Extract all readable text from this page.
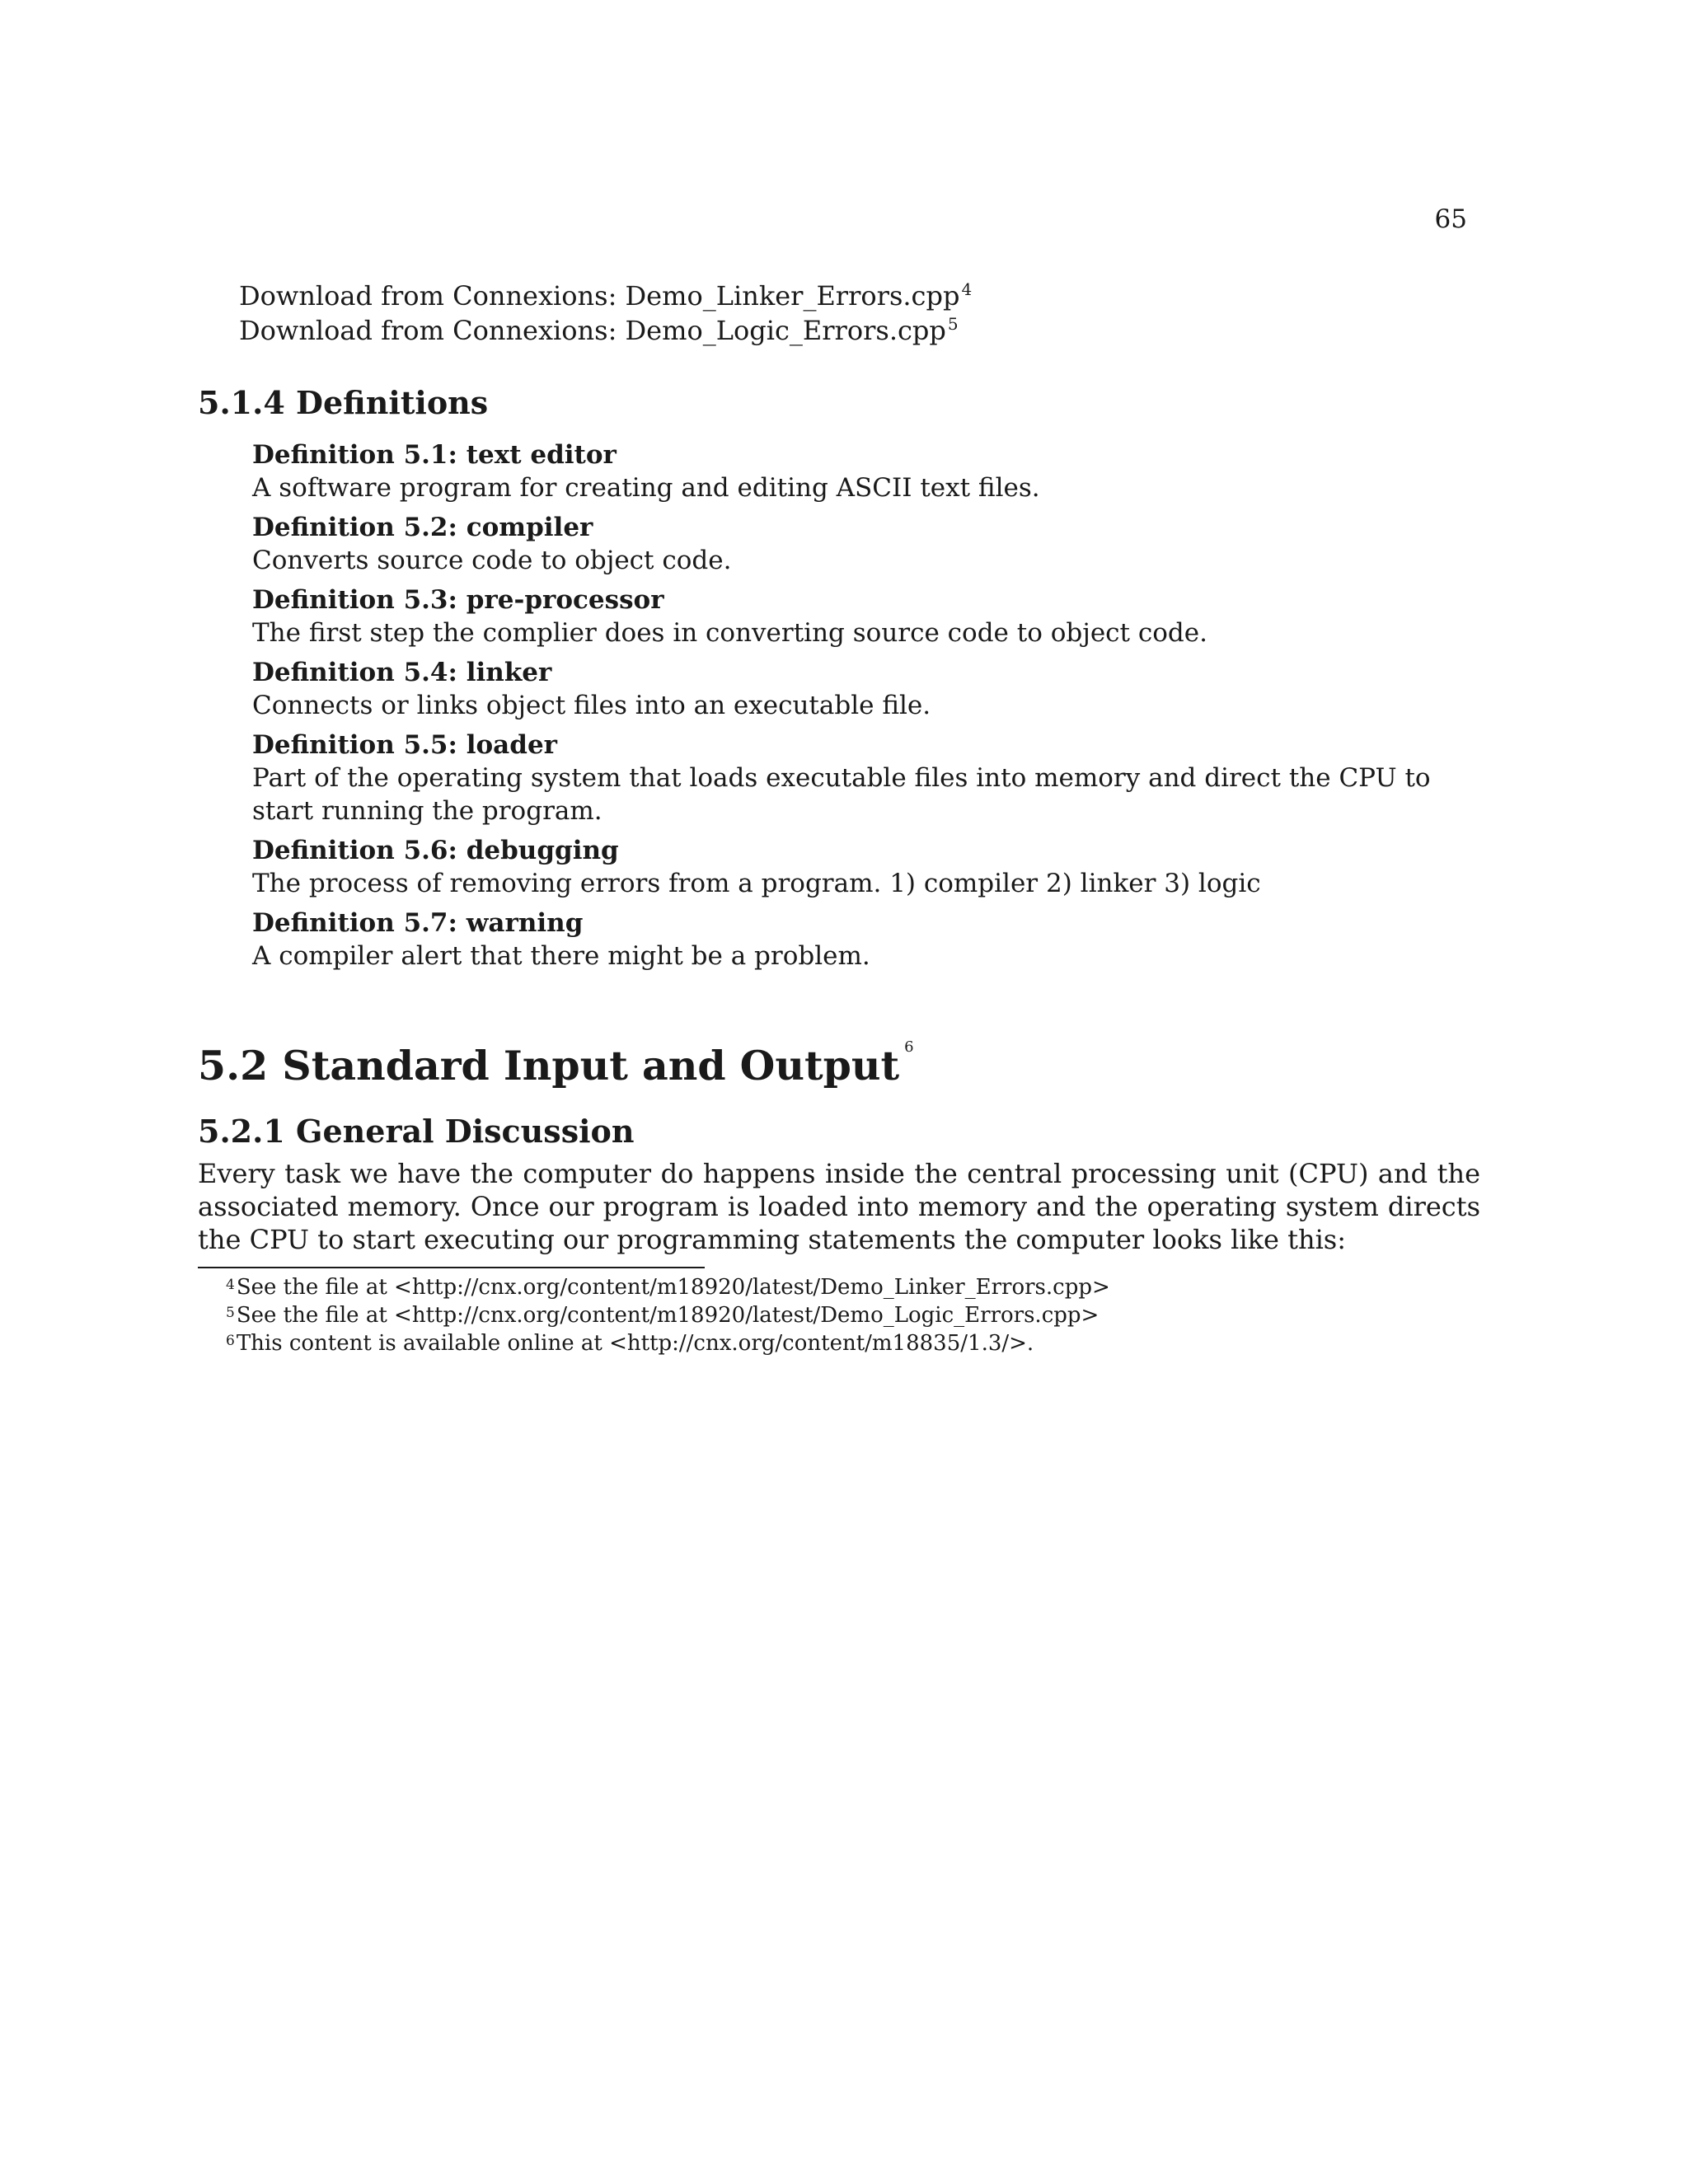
65
Download from Connexions: Demo_Linker_Errors.cpp $^4$
Download from Connexions: Demo_Logic_Errors.cpp $^5$
5.1.4 Definitions
Definition 5.1: text editor
A software program for creating and editing ASCII text files.
Definition 5.2: compiler
Converts source code to object code.
Definition 5.3: pre-processor
The first step the complier does in converting source code to object code.
Definition 5.4: linker
Connects or links object files into an executable file.
Definition 5.5: loader
Part of the operating system that loads executable files into memory and direct the CPU to start running the program.
Definition 5.6: debugging
The process of removing errors from a program. 1) compiler 2) linker 3) logic
Definition 5.7: warning
A compiler alert that there might be a problem.
5.2 Standard Input and Output $^6$
5.2.1 General Discussion
Every task we have the computer do happens inside the central processing unit (CPU) and the associated memory. Once our program is loaded into memory and the operating system directs the CPU to start executing our programming statements the computer looks like this:
$^4$See the file at <http://cnx.org/content/m18920/latest/Demo_Linker_Errors.cpp>
$^5$See the file at <http://cnx.org/content/m18920/latest/Demo_Logic_Errors.cpp>
$^6$This content is available online at <http://cnx.org/content/m18835/1.3/>.
